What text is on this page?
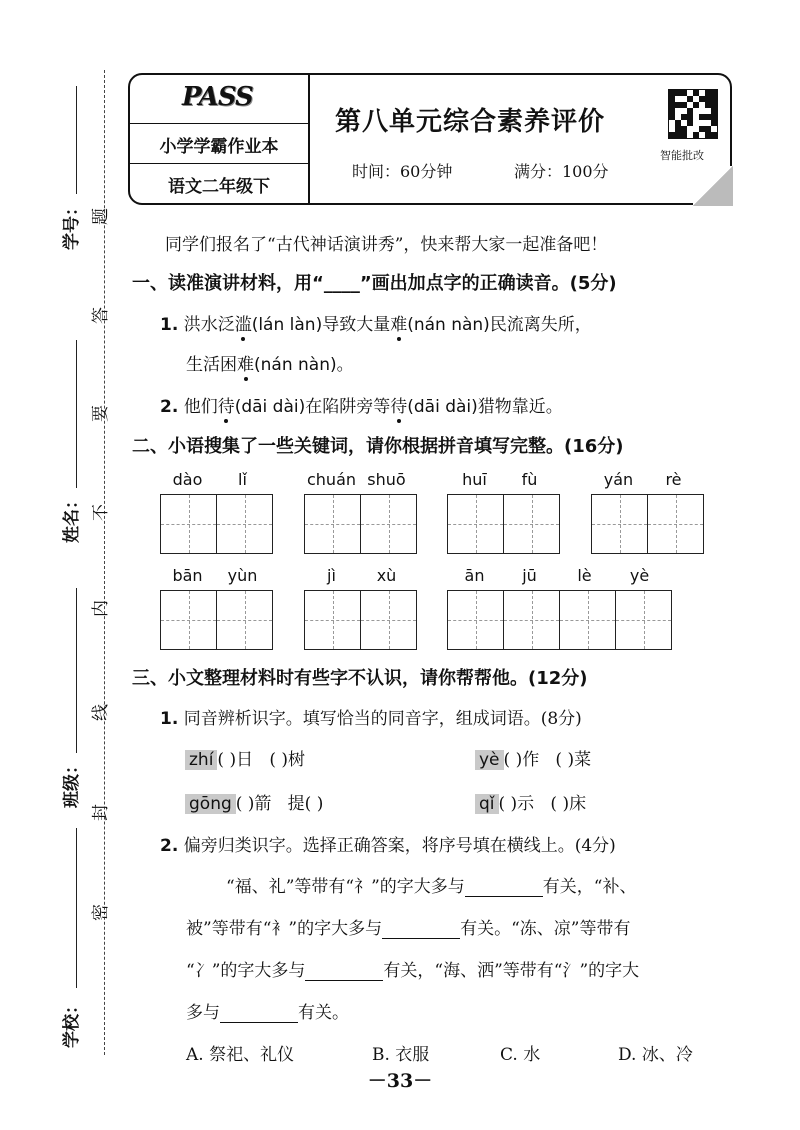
学校：
班级：
姓名：
学号： 题
答
要
不
内
线
封
密
PASS
小学学霸作业本
语文二年级下
第八单元综合素养评价
时间：60分钟	满分：100分
智能批改
同学们报名了“古代神话演讲秀”，快来帮大家一起准备吧！
一、读准演讲材料，用“____”画出加点字的正确读音。(5分)
1. 洪水泛滥(lán làn)导致大量难(nán nàn)民流离失所，
生活困难(nán nàn)。
2. 他们待(dāi dài)在陷阱旁等待(dāi dài)猎物靠近。
二、小语搜集了一些关键词，请你根据拼音填写完整。(16分)
dào	lǐ	chuán shuō	huī	fù	yán	rè
bān	yùn	jì	xù	ān	jū	lè	yè
三、小文整理材料时有些字不认识，请你帮帮他。(12分)
1. 同音辨析识字。填写恰当的同音字，组成词语。(8分)
zhí ( )日 ( )树	yè ( )作 ( )菜
gōng ( )箭 提( )	qǐ ( )示 ( )床
2. 偏旁归类识字。选择正确答案，将序号填在横线上。(4分)
“福、礼”等带有“礻”的字大多与	有关，“补、
被”等带有“衤”的字大多与	有关。“冻、凉”等带有
“冫”的字大多与	有关，“海、洒”等带有“氵”的字大
多与	有关。
A. 祭祀、礼仪	B. 衣服	C. 水	D. 冰、冷
－33－
